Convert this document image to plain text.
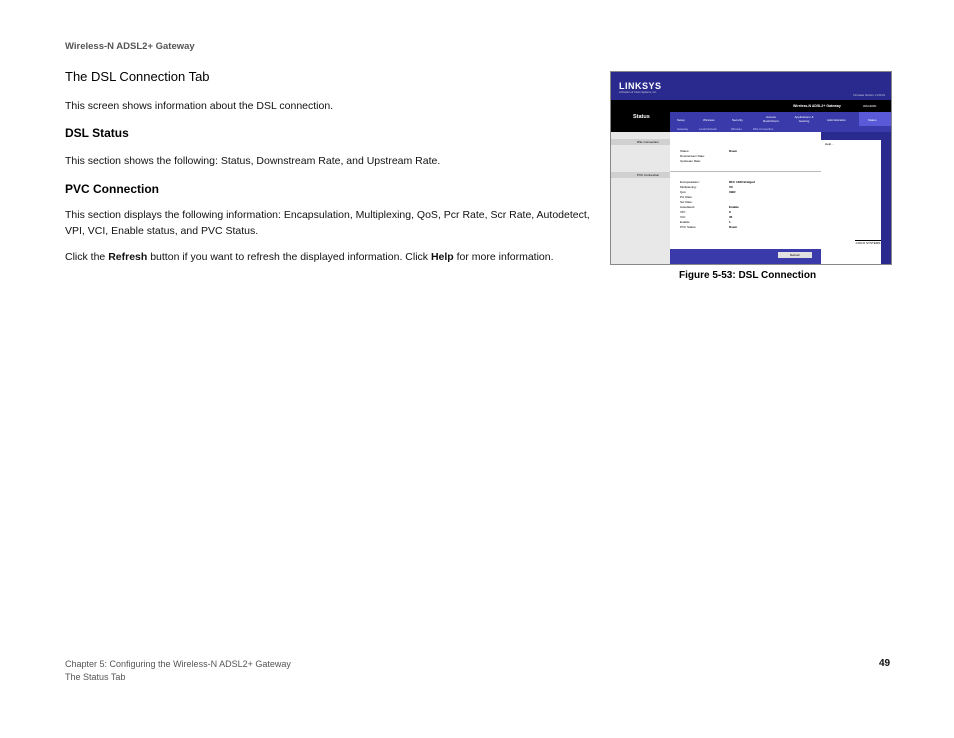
Wireless-N ADSL2+ Gateway
The DSL Connection Tab
This screen shows information about the DSL connection.
DSL Status
This section shows the following: Status, Downstream Rate, and Upstream Rate.
PVC Connection
This section displays the following information: Encapsulation, Multiplexing, QoS, Pcr Rate, Scr Rate, Autodetect, VPI, VCI, Enable status, and PVC Status.
Click the Refresh button if you want to refresh the displayed information. Click Help for more information.
LINKSYS
A Division of Cisco Systems, Inc.
Firmware Version: v1.00.01
Status
Wireless-N ADSL2+ Gateway	WAG300N
Setup	Wireless	Security
Access Restrictions
Applications & Gaming	Administration	Status
Gateway	Local Network	Wireless	DSL Connection
DSL Connection
PVC Connection
Status:	Down
Downstream Rate:
Upstream Rate:
Encapsulation:	RFC 1483 Bridged
Multiplexing:	VC
Qos:	UBR
Pcr Rate:
Scr Rate:
Autodetect:	Enable
VPI:	8
VCI:	35
Enable:	1
PVC Status:	Down
Refresh
Help...
CISCO SYSTEMS
Figure 5-53: DSL Connection
Chapter 5: Configuring the Wireless-N ADSL2+ Gateway
The Status Tab
49
